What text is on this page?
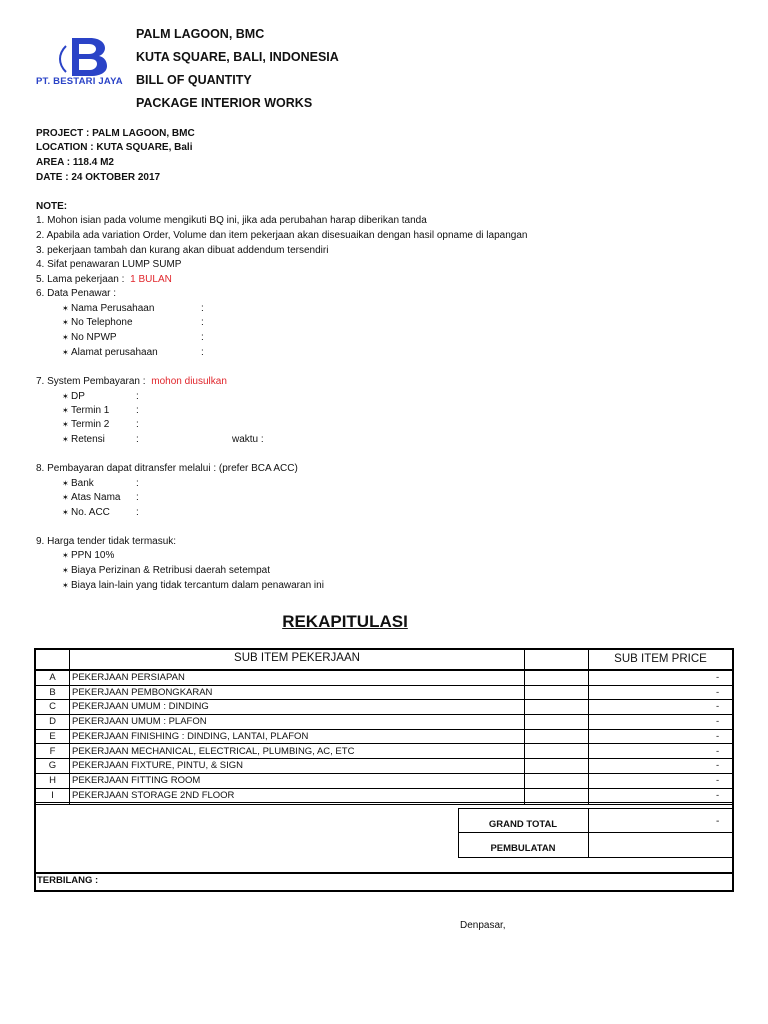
PT. BESTARI JAYA
PALM LAGOON, BMC
KUTA SQUARE, BALI, INDONESIA
BILL OF QUANTITY
PACKAGE INTERIOR WORKS
PROJECT : PALM LAGOON, BMC
LOCATION : KUTA SQUARE, Bali
AREA : 118.4 M2
DATE : 24 OKTOBER 2017
NOTE:
1. Mohon isian pada volume mengikuti BQ ini, jika ada perubahan harap diberikan tanda
2. Apabila ada variation Order, Volume dan item pekerjaan akan disesuaikan dengan hasil opname di lapangan
3. pekerjaan tambah dan kurang akan dibuat addendum tersendiri
4. Sifat penawaran LUMP SUMP
5. Lama pekerjaan : 1 BULAN
6. Data Penawar :
✶ Nama Perusahaan	:
✶ No Telephone	:
✶ No NPWP	:
✶ Alamat perusahaan	:
7. System Pembayaran : mohon diusulkan
✶ DP	:
✶ Termin 1	:
✶ Termin 2	:
✶ Retensi	:	waktu :
8. Pembayaran dapat ditransfer melalui : (prefer BCA ACC)
✶ Bank	:
✶ Atas Nama :
✶ No. ACC	:
9. Harga tender tidak termasuk:
✶ PPN 10%
✶ Biaya Perizinan & Retribusi daerah setempat
✶ Biaya lain-lain yang tidak tercantum dalam penawaran ini
REKAPITULASI
SUB ITEM PEKERJAAN	SUB ITEM PRICE
A	PEKERJAAN PERSIAPAN	-
B	PEKERJAAN PEMBONGKARAN	-
C	PEKERJAAN UMUM : DINDING	-
D	PEKERJAAN UMUM : PLAFON	-
E	PEKERJAAN FINISHING : DINDING, LANTAI, PLAFON	-
F	PEKERJAAN MECHANICAL, ELECTRICAL, PLUMBING, AC, ETC	-
G	PEKERJAAN FIXTURE, PINTU, & SIGN	-
H	PEKERJAAN FITTING ROOM	-
I	PEKERJAAN STORAGE 2ND FLOOR	-
GRAND TOTAL	-
PEMBULATAN
TERBILANG :
Denpasar,
